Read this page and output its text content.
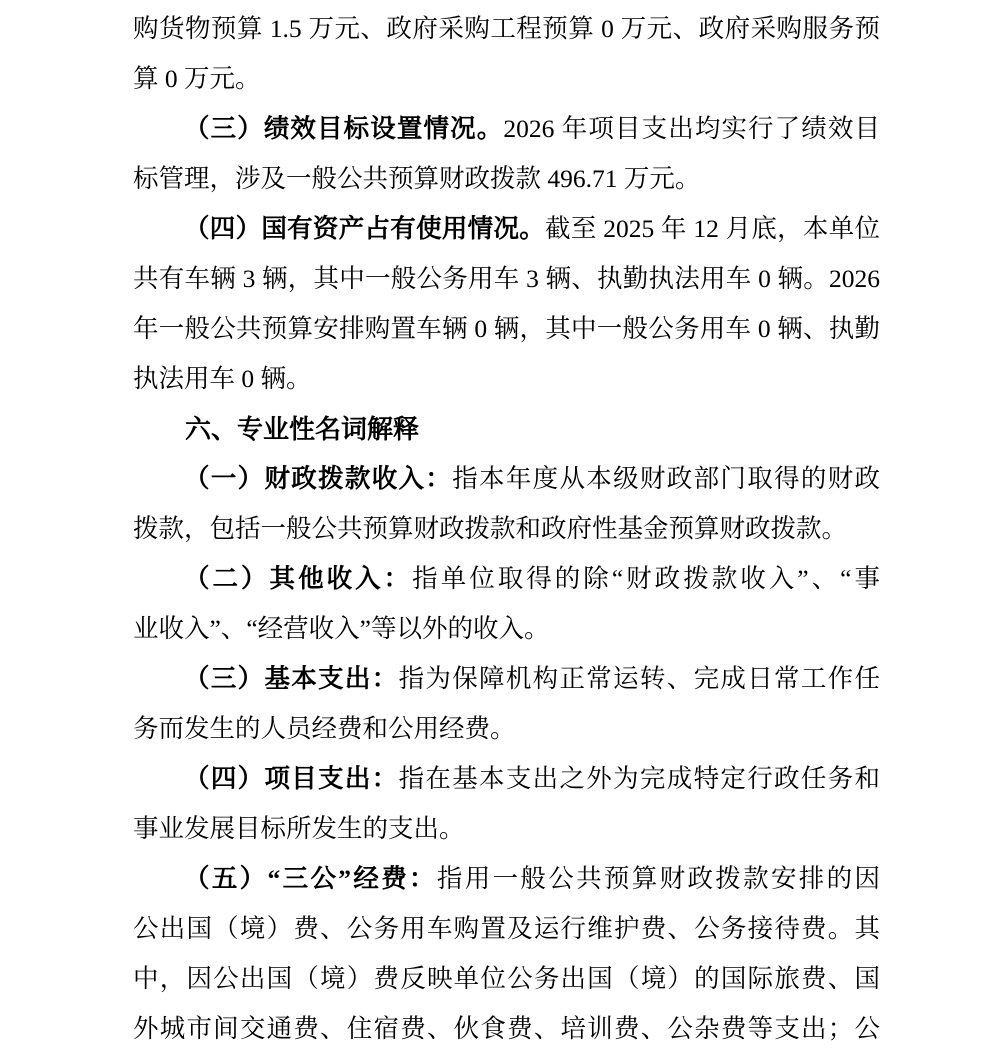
购货物预算 1.5 万元、政府采购工程预算 0 万元、政府采购服务预

算 0 万元。

（三）绩效目标设置情况。2026 年项目支出均实行了绩效目

标管理，涉及一般公共预算财政拨款 496.71 万元。

（四）国有资产占有使用情况。截至 2025 年 12 月底，本单位

共有车辆 3 辆，其中一般公务用车 3 辆、执勤执法用车 0 辆。2026

年一般公共预算安排购置车辆 0 辆，其中一般公务用车 0 辆、执勤

执法用车 0 辆。

六、专业性名词解释

（一）财政拨款收入：指本年度从本级财政部门取得的财政

拨款，包括一般公共预算财政拨款和政府性基金预算财政拨款。

（二）其他收入：指单位取得的除“财政拨款收入”、“事

业收入”、“经营收入”等以外的收入。

（三）基本支出：指为保障机构正常运转、完成日常工作任

务而发生的人员经费和公用经费。

（四）项目支出：指在基本支出之外为完成特定行政任务和

事业发展目标所发生的支出。

（五）“三公”经费：指用一般公共预算财政拨款安排的因

公出国（境）费、公务用车购置及运行维护费、公务接待费。其

中，因公出国（境）费反映单位公务出国（境）的国际旅费、国

外城市间交通费、住宿费、伙食费、培训费、公杂费等支出；公
